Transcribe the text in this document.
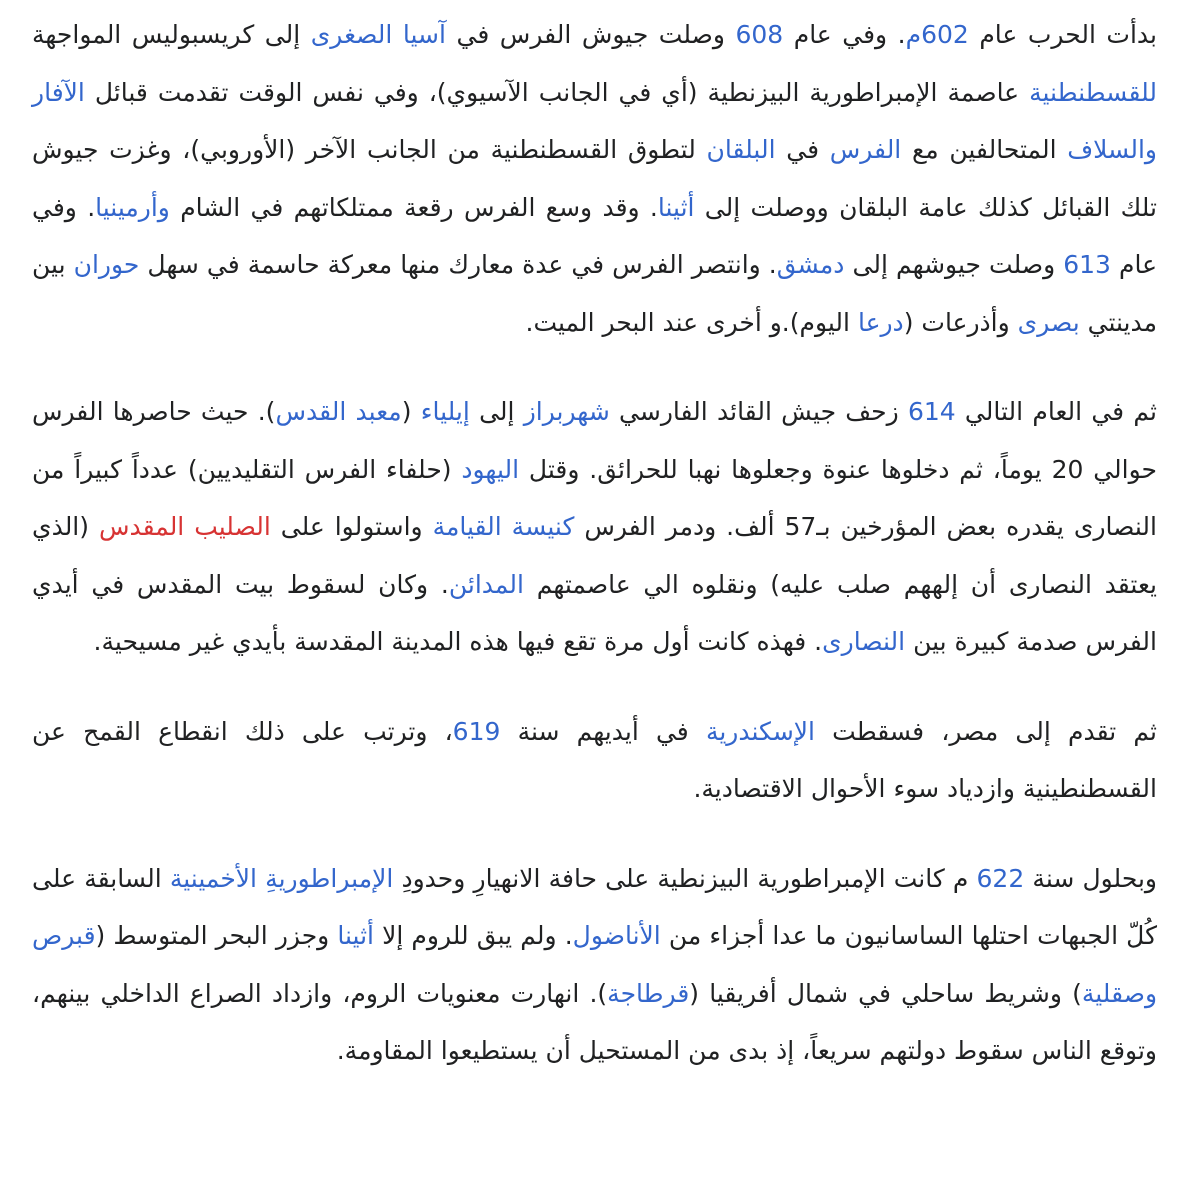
بدأت الحرب عام 602م. وفي عام 608 وصلت جيوش الفرس في آسيا الصغرى إلى كريسبوليس المواجهة للقسطنطنية عاصمة الإمبراطورية البيزنطية (أي في الجانب الآسيوي)، وفي نفس الوقت تقدمت قبائل الآفار والسلاف المتحالفين مع الفرس في البلقان لتطوق القسطنطنية من الجانب الآخر (الأوروبي)، وغزت جيوش تلك القبائل كذلك عامة البلقان ووصلت إلى أثينا. وقد وسع الفرس رقعة ممتلكاتهم في الشام وأرمينيا. وفي عام 613 وصلت جيوشهم إلى دمشق. وانتصر الفرس في عدة معارك منها معركة حاسمة في سهل حوران بين مدينتي بصرى وأذرعات (درعا اليوم).و أخرى عند البحر الميت.

ثم في العام التالي 614 زحف جيش القائد الفارسي شهربراز إلى إيلياء (معبد القدس). حيث حاصرها الفرس حوالي 20 يوماً، ثم دخلوها عنوة وجعلوها نهبا للحرائق. وقتل اليهود (حلفاء الفرس التقليديين) عدداً كبيراً من النصارى يقدره بعض المؤرخين بـ57 ألف. ودمر الفرس كنيسة القيامة واستولوا على الصليب المقدس (الذي يعتقد النصارى أن إلههم صلب عليه) ونقلوه الي عاصمتهم المدائن. وكان لسقوط بيت المقدس في أيدي الفرس صدمة كبيرة بين النصارى. فهذه كانت أول مرة تقع فيها هذه المدينة المقدسة بأيدي غير مسيحية.

ثم تقدم إلى مصر، فسقطت الإسكندرية في أيديهم سنة 619، وترتب على ذلك انقطاع القمح عن القسطنطينية وازدياد سوء الأحوال الاقتصادية.

وبحلول سنة 622 م كانت الإمبراطورية البيزنطية على حافة الانهيارِ وحدودِ الإمبراطوريةِ الأخمينية السابقة على كُلّ الجبهات احتلها الساسانيون ما عدا أجزاء من الأناضول. ولم يبق للروم إلا أثينا وجزر البحر المتوسط (قبرص وصقلية) وشريط ساحلي في شمال أفريقيا (قرطاجة). انهارت معنويات الروم، وازداد الصراع الداخلي بينهم، وتوقع الناس سقوط دولتهم سريعاً، إذ بدى من المستحيل أن يستطيعوا المقاومة.
